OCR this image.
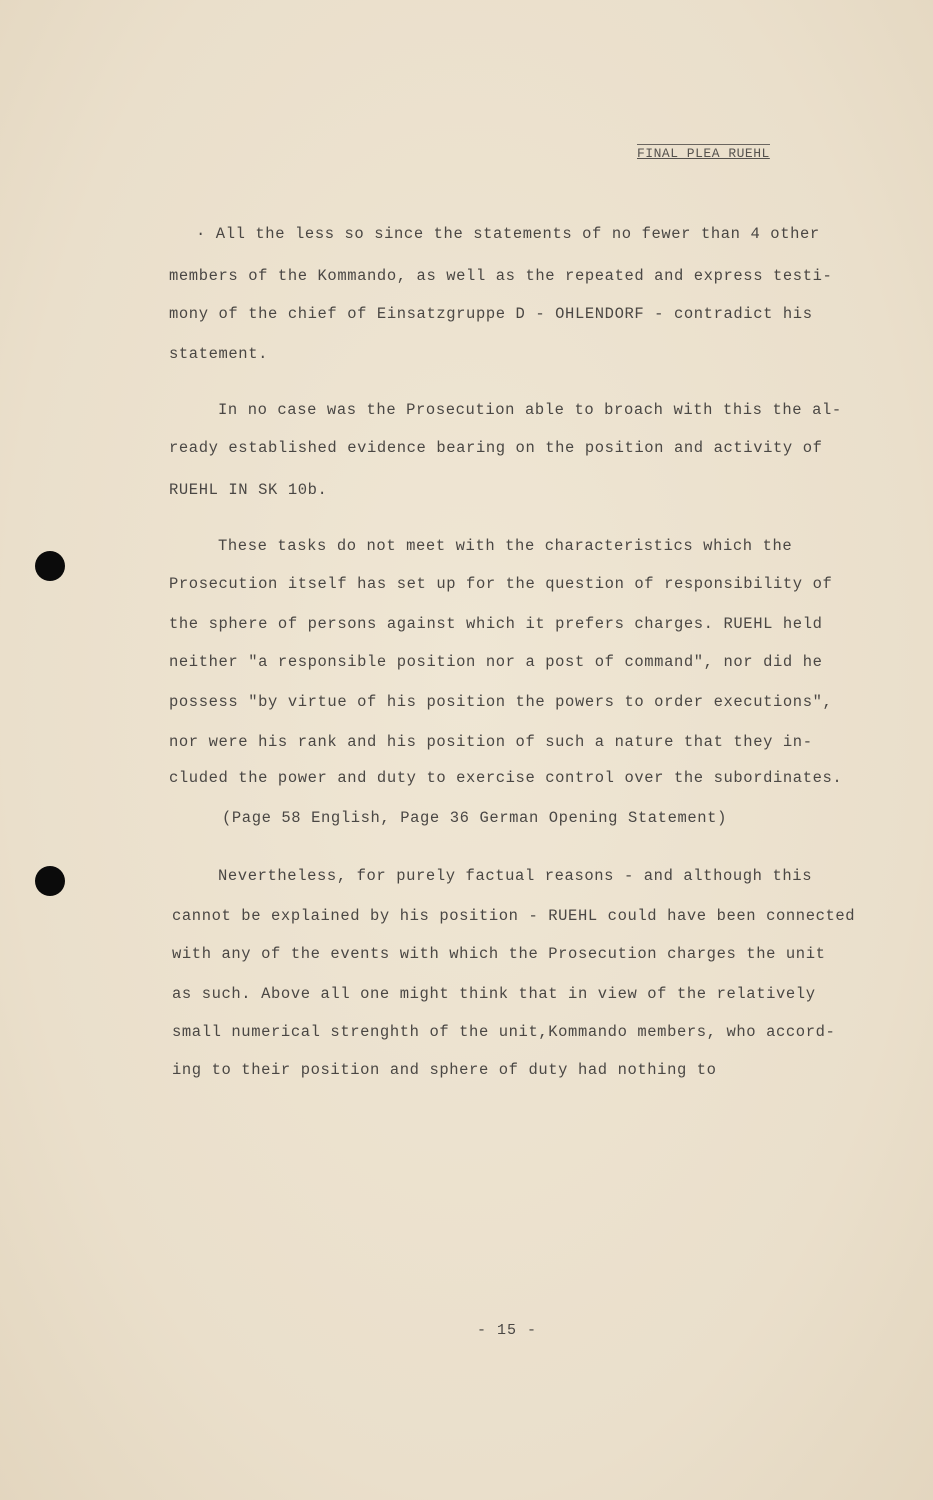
FINAL PLEA RUEHL
· All the less so since the statements of no fewer than 4 other
members of the Kommando, as well as the repeated and express testi-
mony of the chief of Einsatzgruppe D - OHLENDORF - contradict his
statement.
In no case was the Prosecution able to broach with this the al-
ready established evidence bearing on the position and activity of
RUEHL IN SK 10b.
These tasks do not meet with the characteristics which the
Prosecution itself has set up for the question of responsibility of
the sphere of persons against which it prefers charges. RUEHL held
neither "a responsible position nor a post of command", nor did he
possess "by virtue of his position the powers to order executions",
nor were his rank and his position of such a nature that they in-
cluded the power and duty to exercise control over the subordinates.
(Page 58 English, Page 36 German Opening Statement)
Nevertheless, for purely factual reasons - and although this
cannot be explained by his position - RUEHL could have been connected
with any of the events with which the Prosecution charges the unit
as such. Above all one might think that in view of the relatively
small numerical strenghth of the unit,Kommando members, who accord-
ing to their position and sphere of duty had nothing to
- 15 -
